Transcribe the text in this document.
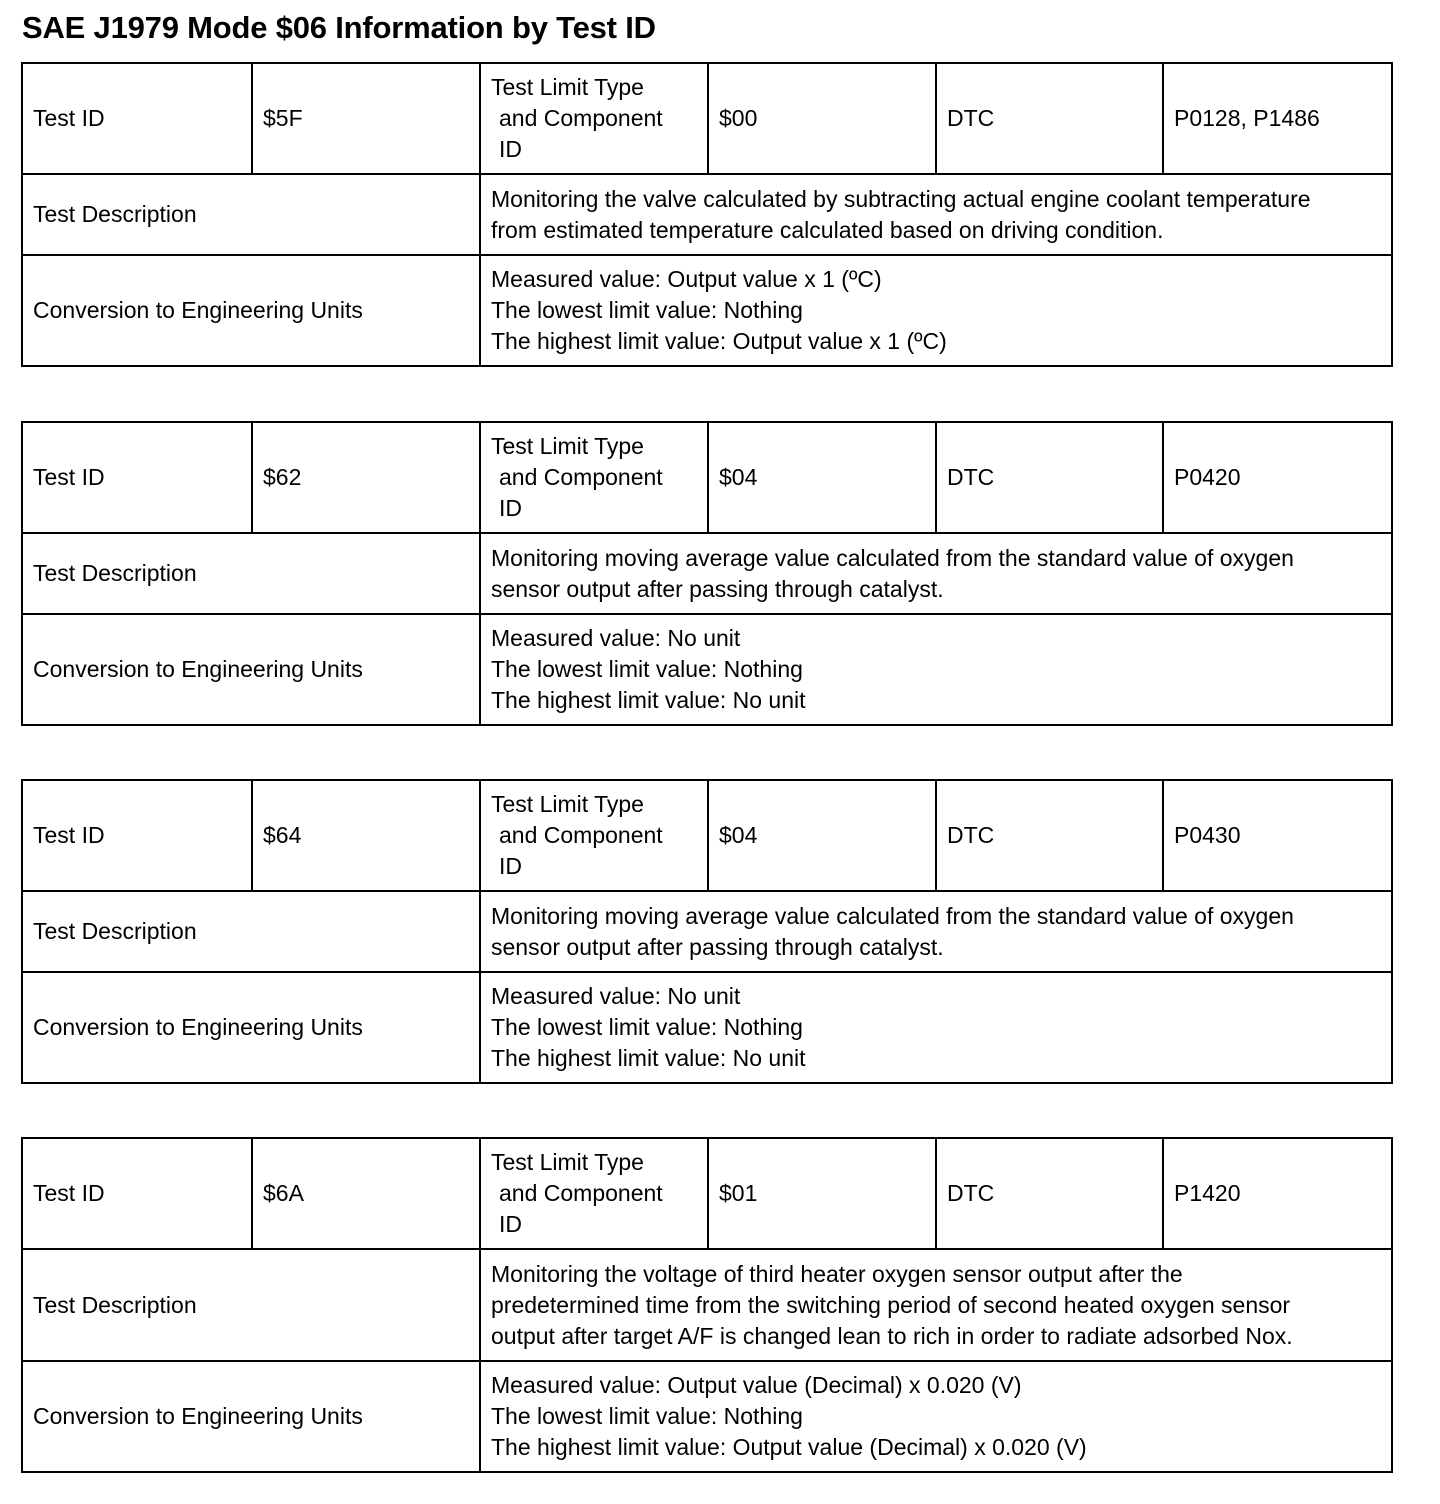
SAE J1979 Mode $06 Information by Test ID
Test ID	$5F	Test Limit Type
and Component
ID	$00	DTC	P0128, P1486
Test Description		Monitoring the valve calculated by subtracting actual engine coolant temperature
from estimated temperature calculated based on driving condition.			

Conversion to Engineering Units		Measured value: Output value x 1 (ºC)
The lowest limit value: Nothing
The highest limit value: Output value x 1 (ºC)			
Test ID	$62	Test Limit Type
and Component
ID	$04	DTC	P0420
Test Description		Monitoring moving average value calculated from the standard value of oxygen
sensor output after passing through catalyst.			

Conversion to Engineering Units		Measured value: No unit
The lowest limit value: Nothing
The highest limit value: No unit			
Test ID	$64	Test Limit Type
and Component
ID	$04	DTC	P0430
Test Description		Monitoring moving average value calculated from the standard value of oxygen
sensor output after passing through catalyst.			

Conversion to Engineering Units		Measured value: No unit
The lowest limit value: Nothing
The highest limit value: No unit			
Test ID	$6A	Test Limit Type
and Component
ID	$01	DTC	P1420
Test Description		Monitoring the voltage of third heater oxygen sensor output after the
predetermined time from the switching period of second heated oxygen sensor
output after target A/F is changed lean to rich in order to radiate adsorbed Nox.			

Conversion to Engineering Units		Measured value: Output value (Decimal) x 0.020 (V)
The lowest limit value: Nothing
The highest limit value: Output value (Decimal) x 0.020 (V)			
